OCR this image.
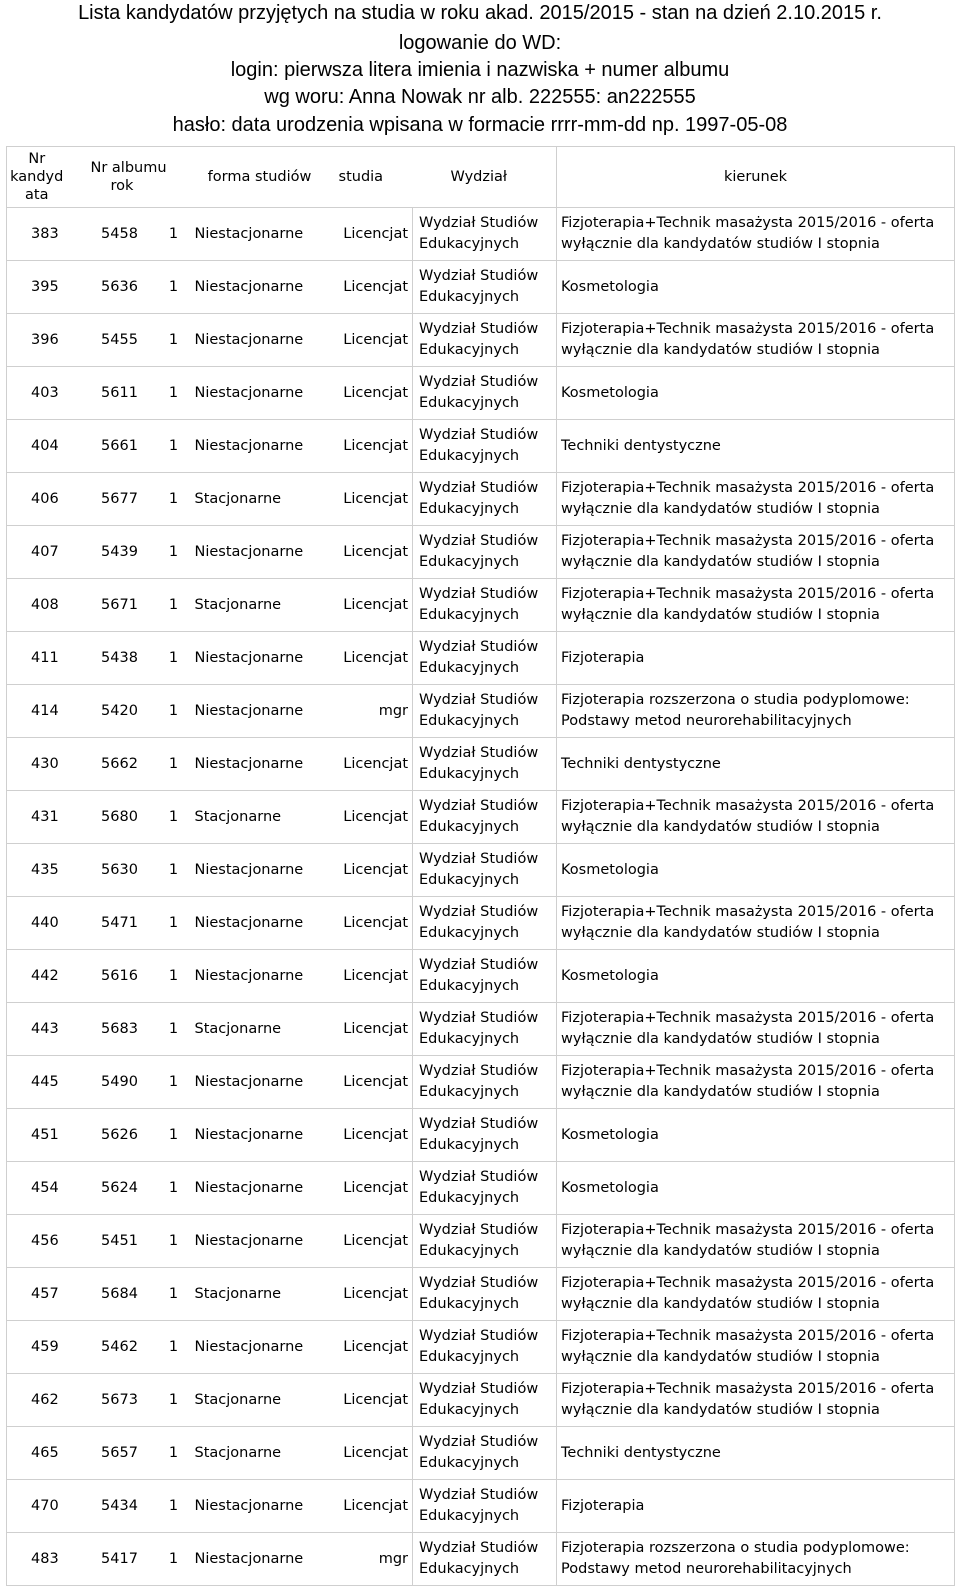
Lista kandydatów przyjętych na studia w roku akad. 2015/2015 - stan na dzień 2.10.2015 r.
logowanie do WD:
login: pierwsza litera imienia i nazwiska + numer albumu
wg woru: Anna Nowak nr alb. 222555: an222555
hasło: data urodzenia wpisana w formacie rrrr-mm-dd np. 1997-05-08
Nr kandydata	Nr albumu rok		forma studiów	studia	Wydział	kierunek
383	5458	1	Niestacjonarne	Licencjat	Wydział Studiów Edukacyjnych	Fizjoterapia+Technik masażysta 2015/2016 - oferta wyłącznie dla kandydatów studiów I stopnia
395	5636	1	Niestacjonarne	Licencjat	Wydział Studiów Edukacyjnych	Kosmetologia
396	5455	1	Niestacjonarne	Licencjat	Wydział Studiów Edukacyjnych	Fizjoterapia+Technik masażysta 2015/2016 - oferta wyłącznie dla kandydatów studiów I stopnia
403	5611	1	Niestacjonarne	Licencjat	Wydział Studiów Edukacyjnych	Kosmetologia
404	5661	1	Niestacjonarne	Licencjat	Wydział Studiów Edukacyjnych	Techniki dentystyczne
406	5677	1	Stacjonarne	Licencjat	Wydział Studiów Edukacyjnych	Fizjoterapia+Technik masażysta 2015/2016 - oferta wyłącznie dla kandydatów studiów I stopnia
407	5439	1	Niestacjonarne	Licencjat	Wydział Studiów Edukacyjnych	Fizjoterapia+Technik masażysta 2015/2016 - oferta wyłącznie dla kandydatów studiów I stopnia
408	5671	1	Stacjonarne	Licencjat	Wydział Studiów Edukacyjnych	Fizjoterapia+Technik masażysta 2015/2016 - oferta wyłącznie dla kandydatów studiów I stopnia
411	5438	1	Niestacjonarne	Licencjat	Wydział Studiów Edukacyjnych	Fizjoterapia
414	5420	1	Niestacjonarne	mgr	Wydział Studiów Edukacyjnych	Fizjoterapia rozszerzona o studia podyplomowe: Podstawy metod neurorehabilitacyjnych
430	5662	1	Niestacjonarne	Licencjat	Wydział Studiów Edukacyjnych	Techniki dentystyczne
431	5680	1	Stacjonarne	Licencjat	Wydział Studiów Edukacyjnych	Fizjoterapia+Technik masażysta 2015/2016 - oferta wyłącznie dla kandydatów studiów I stopnia
435	5630	1	Niestacjonarne	Licencjat	Wydział Studiów Edukacyjnych	Kosmetologia
440	5471	1	Niestacjonarne	Licencjat	Wydział Studiów Edukacyjnych	Fizjoterapia+Technik masażysta 2015/2016 - oferta wyłącznie dla kandydatów studiów I stopnia
442	5616	1	Niestacjonarne	Licencjat	Wydział Studiów Edukacyjnych	Kosmetologia
443	5683	1	Stacjonarne	Licencjat	Wydział Studiów Edukacyjnych	Fizjoterapia+Technik masażysta 2015/2016 - oferta wyłącznie dla kandydatów studiów I stopnia
445	5490	1	Niestacjonarne	Licencjat	Wydział Studiów Edukacyjnych	Fizjoterapia+Technik masażysta 2015/2016 - oferta wyłącznie dla kandydatów studiów I stopnia
451	5626	1	Niestacjonarne	Licencjat	Wydział Studiów Edukacyjnych	Kosmetologia
454	5624	1	Niestacjonarne	Licencjat	Wydział Studiów Edukacyjnych	Kosmetologia
456	5451	1	Niestacjonarne	Licencjat	Wydział Studiów Edukacyjnych	Fizjoterapia+Technik masażysta 2015/2016 - oferta wyłącznie dla kandydatów studiów I stopnia
457	5684	1	Stacjonarne	Licencjat	Wydział Studiów Edukacyjnych	Fizjoterapia+Technik masażysta 2015/2016 - oferta wyłącznie dla kandydatów studiów I stopnia
459	5462	1	Niestacjonarne	Licencjat	Wydział Studiów Edukacyjnych	Fizjoterapia+Technik masażysta 2015/2016 - oferta wyłącznie dla kandydatów studiów I stopnia
462	5673	1	Stacjonarne	Licencjat	Wydział Studiów Edukacyjnych	Fizjoterapia+Technik masażysta 2015/2016 - oferta wyłącznie dla kandydatów studiów I stopnia
465	5657	1	Stacjonarne	Licencjat	Wydział Studiów Edukacyjnych	Techniki dentystyczne
470	5434	1	Niestacjonarne	Licencjat	Wydział Studiów Edukacyjnych	Fizjoterapia
483	5417	1	Niestacjonarne	mgr	Wydział Studiów Edukacyjnych	Fizjoterapia rozszerzona o studia podyplomowe: Podstawy metod neurorehabilitacyjnych
